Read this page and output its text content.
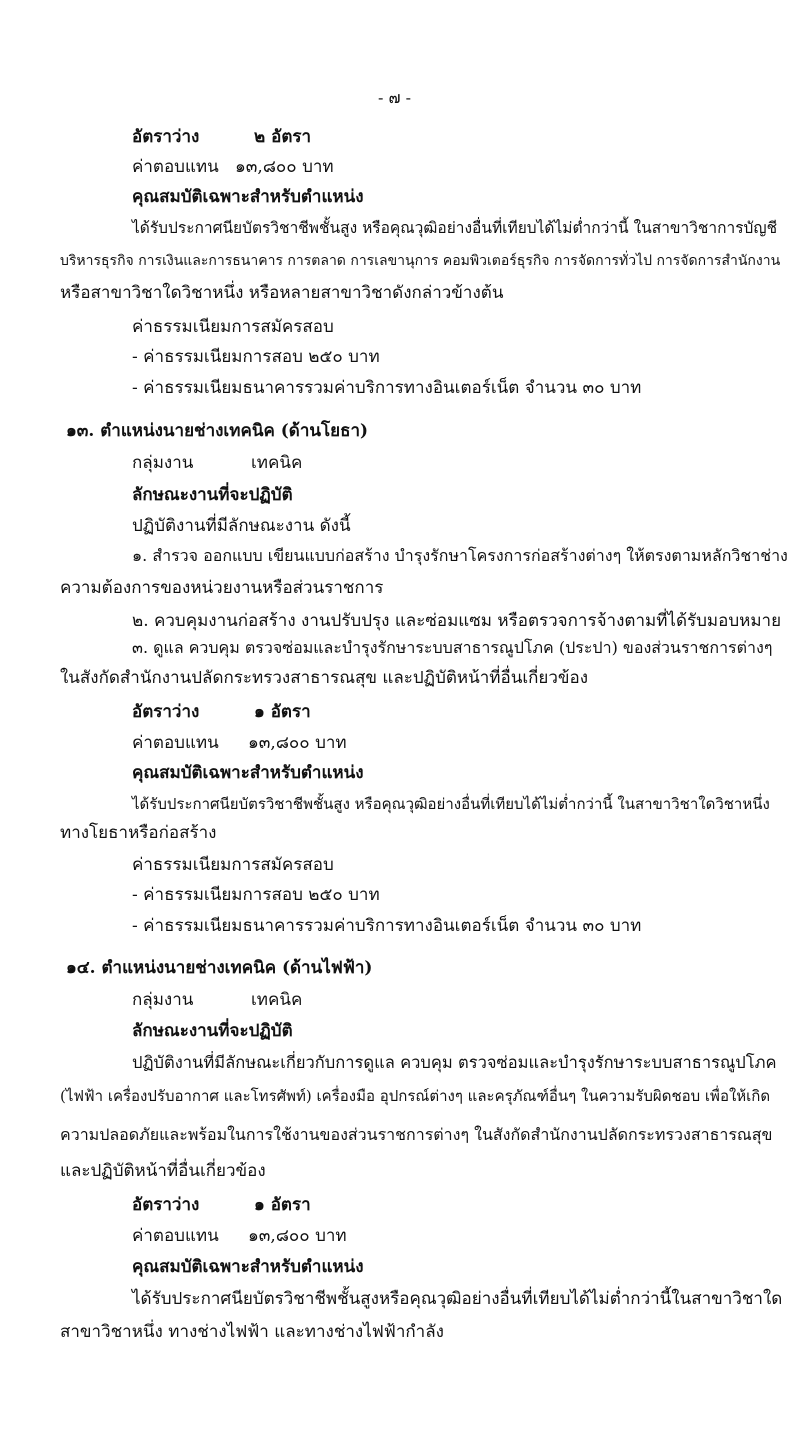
- ๗ -
อัตราว่าง	๒ อัตรา
ค่าตอบแทน ๑๓,๘๐๐ บาท
คุณสมบัติเฉพาะสำหรับตำแหน่ง
ได้รับประกาศนียบัตรวิชาชีพชั้นสูง หรือคุณวุฒิอย่างอื่นที่เทียบได้ไม่ต่ำกว่านี้ ในสาขาวิชาการบัญชี
บริหารธุรกิจ การเงินและการธนาคาร การตลาด การเลขานุการ คอมพิวเตอร์ธุรกิจ การจัดการทั่วไป การจัดการสำนักงาน
หรือสาขาวิชาใดวิชาหนึ่ง หรือหลายสาขาวิชาดังกล่าวข้างต้น
ค่าธรรมเนียมการสมัครสอบ
- ค่าธรรมเนียมการสอบ ๒๕๐ บาท
- ค่าธรรมเนียมธนาคารรวมค่าบริการทางอินเตอร์เน็ต จำนวน ๓๐ บาท
๑๓. ตำแหน่งนายช่างเทคนิค (ด้านโยธา)
กลุ่มงาน	เทคนิค
ลักษณะงานที่จะปฏิบัติ
ปฏิบัติงานที่มีลักษณะงาน ดังนี้
๑. สำรวจ ออกแบบ เขียนแบบก่อสร้าง บำรุงรักษาโครงการก่อสร้างต่างๆ ให้ตรงตามหลักวิชาช่าง
ความต้องการของหน่วยงานหรือส่วนราชการ
๒. ควบคุมงานก่อสร้าง งานปรับปรุง และซ่อมแซม หรือตรวจการจ้างตามที่ได้รับมอบหมาย
๓. ดูแล ควบคุม ตรวจซ่อมและบำรุงรักษาระบบสาธารณูปโภค (ประปา) ของส่วนราชการต่างๆ
ในสังกัดสำนักงานปลัดกระทรวงสาธารณสุข และปฏิบัติหน้าที่อื่นเกี่ยวข้อง
อัตราว่าง	๑ อัตรา
ค่าตอบแทน ๑๓,๘๐๐ บาท
คุณสมบัติเฉพาะสำหรับตำแหน่ง
ได้รับประกาศนียบัตรวิชาชีพชั้นสูง หรือคุณวุฒิอย่างอื่นที่เทียบได้ไม่ต่ำกว่านี้ ในสาขาวิชาใดวิชาหนึ่ง
ทางโยธาหรือก่อสร้าง
ค่าธรรมเนียมการสมัครสอบ
- ค่าธรรมเนียมการสอบ ๒๕๐ บาท
- ค่าธรรมเนียมธนาคารรวมค่าบริการทางอินเตอร์เน็ต จำนวน ๓๐ บาท
๑๔. ตำแหน่งนายช่างเทคนิค (ด้านไฟฟ้า)
กลุ่มงาน	เทคนิค
ลักษณะงานที่จะปฏิบัติ
ปฏิบัติงานที่มีลักษณะเกี่ยวกับการดูแล ควบคุม ตรวจซ่อมและบำรุงรักษาระบบสาธารณูปโภค
(ไฟฟ้า เครื่องปรับอากาศ และโทรศัพท์) เครื่องมือ อุปกรณ์ต่างๆ และครุภัณฑ์อื่นๆ ในความรับผิดชอบ เพื่อให้เกิด
ความปลอดภัยและพร้อมในการใช้งานของส่วนราชการต่างๆ ในสังกัดสำนักงานปลัดกระทรวงสาธารณสุข
และปฏิบัติหน้าที่อื่นเกี่ยวข้อง
อัตราว่าง	๑ อัตรา
ค่าตอบแทน ๑๓,๘๐๐ บาท
คุณสมบัติเฉพาะสำหรับตำแหน่ง
ได้รับประกาศนียบัตรวิชาชีพชั้นสูงหรือคุณวุฒิอย่างอื่นที่เทียบได้ไม่ต่ำกว่านี้ในสาขาวิชาใด
สาขาวิชาหนึ่ง ทางช่างไฟฟ้า และทางช่างไฟฟ้ากำลัง
